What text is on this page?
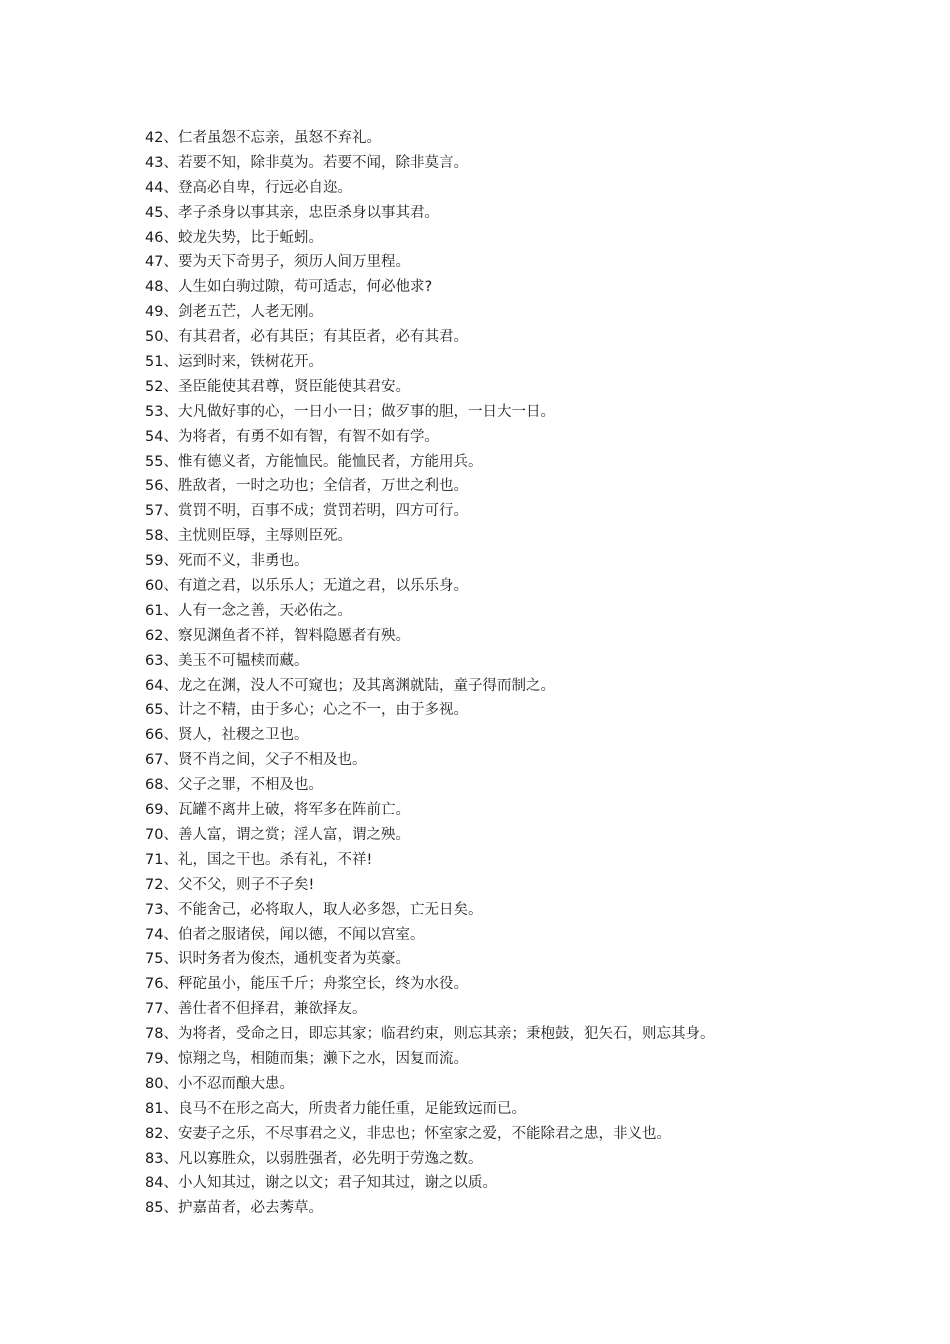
42、仁者虽怨不忘亲，虽怒不弃礼。
43、若要不知，除非莫为。若要不闻，除非莫言。
44、登高必自卑，行远必自迩。
45、孝子杀身以事其亲，忠臣杀身以事其君。
46、蛟龙失势，比于蚯蚓。
47、要为天下奇男子，须历人间万里程。
48、人生如白驹过隙，苟可适志，何必他求?
49、剑老五芒，人老无刚。
50、有其君者，必有其臣；有其臣者，必有其君。
51、运到时来，铁树花开。
52、圣臣能使其君尊，贤臣能使其君安。
53、大凡做好事的心，一日小一日；做歹事的胆，一日大一日。
54、为将者，有勇不如有智，有智不如有学。
55、惟有德义者，方能恤民。能恤民者，方能用兵。
56、胜敌者，一时之功也；全信者，万世之利也。
57、赏罚不明，百事不成；赏罚若明，四方可行。
58、主忧则臣辱，主辱则臣死。
59、死而不义，非勇也。
60、有道之君，以乐乐人；无道之君，以乐乐身。
61、人有一念之善，天必佑之。
62、察见渊鱼者不祥，智料隐慝者有殃。
63、美玉不可韫椟而藏。
64、龙之在渊，没人不可窥也；及其离渊就陆，童子得而制之。
65、计之不精，由于多心；心之不一，由于多视。
66、贤人，社稷之卫也。
67、贤不肖之间，父子不相及也。
68、父子之罪，不相及也。
69、瓦罐不离井上破，将军多在阵前亡。
70、善人富，谓之赏；淫人富，谓之殃。
71、礼，国之干也。杀有礼，不祥!
72、父不父，则子不子矣!
73、不能舍己，必将取人，取人必多怨，亡无日矣。
74、伯者之服诸侯，闻以德，不闻以宫室。
75、识时务者为俊杰，通机变者为英豪。
76、秤砣虽小，能压千斤；舟浆空长，终为水役。
77、善仕者不但择君，兼欲择友。
78、为将者，受命之日，即忘其家；临君约束，则忘其亲；秉枹鼓，犯矢石，则忘其身。
79、惊翔之鸟，相随而集；濑下之水，因复而流。
80、小不忍而酿大患。
81、良马不在形之高大，所贵者力能任重，足能致远而已。
82、安妻子之乐，不尽事君之义，非忠也；怀室家之爱，不能除君之患，非义也。
83、凡以寡胜众，以弱胜强者，必先明于劳逸之数。
84、小人知其过，谢之以文；君子知其过，谢之以质。
85、护嘉苗者，必去莠草。
